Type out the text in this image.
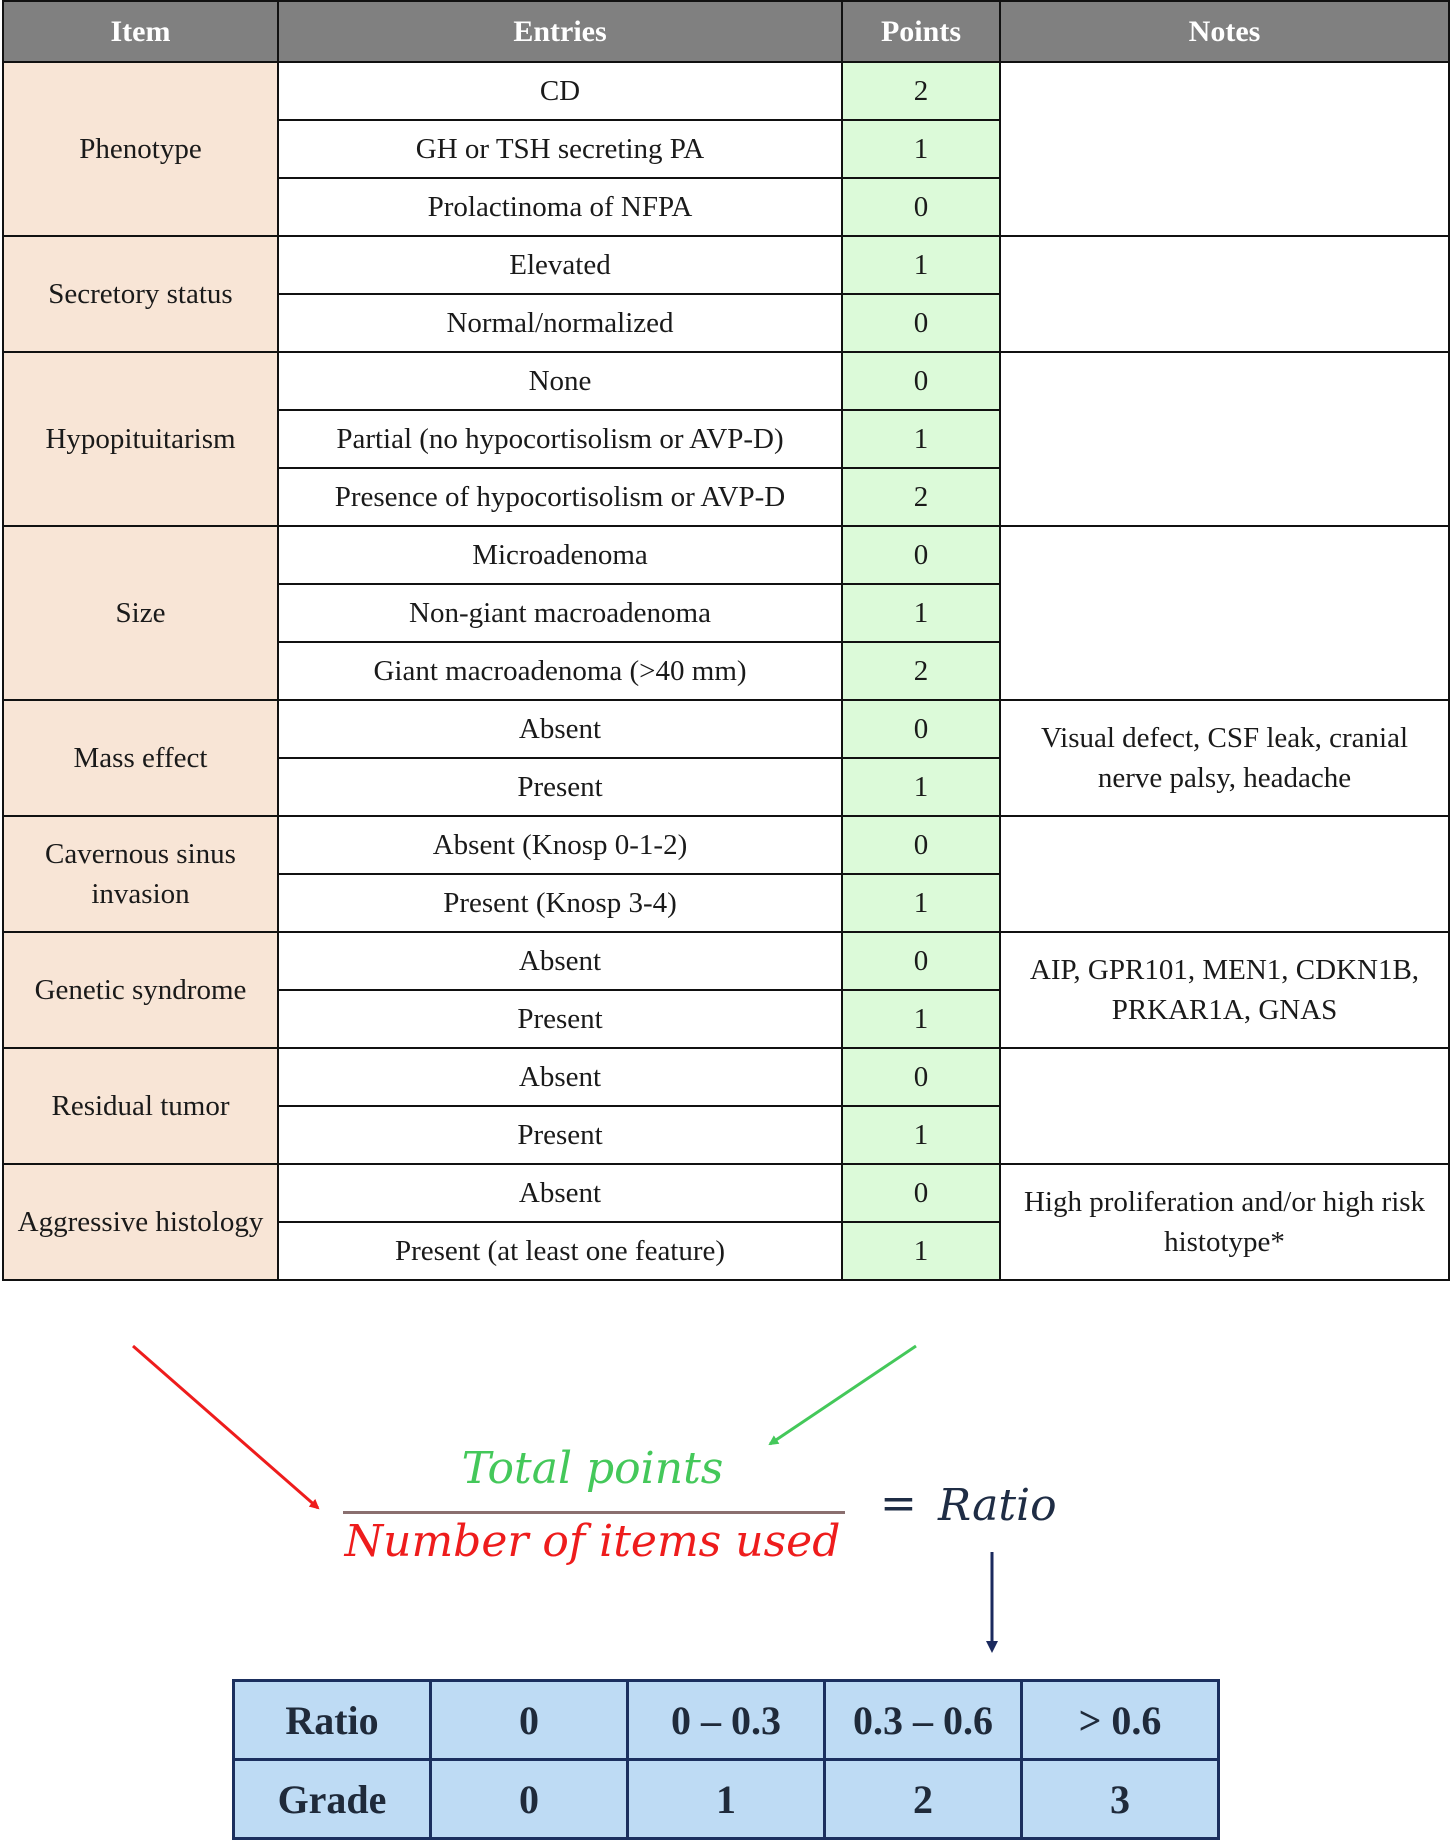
Item	Entries	Points	Notes
Phenotype	CD	2	
	GH or TSH secreting PA	1	
	Prolactinoma of NFPA	0	
Secretory status	Elevated	1	
	Normal/normalized	0	
Hypopituitarism	None	0	
	Partial (no hypocortisolism or AVP-D)	1	
	Presence of hypocortisolism or AVP-D	2	
Size	Microadenoma	0	
	Non-giant macroadenoma	1	
	Giant macroadenoma (>40 mm)	2	
Mass effect	Absent	0	Visual defect, CSF leak, cranial nerve palsy, headache
	Present	1	
Cavernous sinus invasion	Absent (Knosp 0-1-2)	0	
	Present (Knosp 3-4)	1	
Genetic syndrome	Absent	0	AIP, GPR101, MEN1, CDKN1B, PRKAR1A, GNAS
	Present	1	
Residual tumor	Absent	0	
	Present	1	
Aggressive histology	Absent	0	High proliferation and/or high risk histotype*
	Present (at least one feature)	1	
Total points
Number of items used
= Ratio
Ratio	0	0 – 0.3	0.3 – 0.6	> 0.6
Grade	0	1	2	3
